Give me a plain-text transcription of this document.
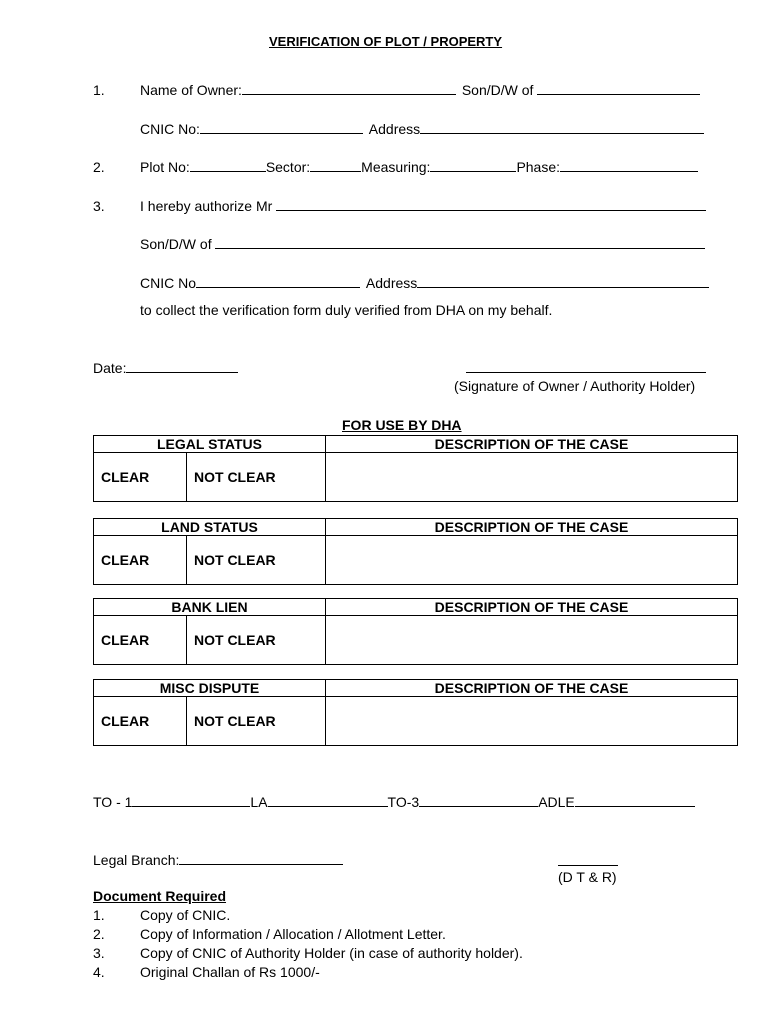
VERIFICATION OF PLOT / PROPERTY
1.	Name of Owner:	Son/D/W of
CNIC No:	Address
2.	Plot No:	Sector:	Measuring:	Phase:
3.	I hereby authorize Mr
Son/D/W of
CNIC No	Address
to collect the verification form duly verified from DHA on my behalf.
Date:
(Signature of Owner / Authority Holder)
FOR USE BY DHA
LEGAL STATUS		DESCRIPTION OF THE CASE
CLEAR	NOT CLEAR	
LAND STATUS		DESCRIPTION OF THE CASE
CLEAR	NOT CLEAR	
BANK LIEN		DESCRIPTION OF THE CASE
CLEAR	NOT CLEAR	
MISC DISPUTE		DESCRIPTION OF THE CASE
CLEAR	NOT CLEAR	
TO - 1	LA	TO-3	ADLE
Legal Branch:
(D T & R)
Document Required
1.	Copy of CNIC.
2.	Copy of Information / Allocation / Allotment Letter.
3.	Copy of CNIC of Authority Holder (in case of authority holder).
4.	Original Challan of Rs 1000/-
